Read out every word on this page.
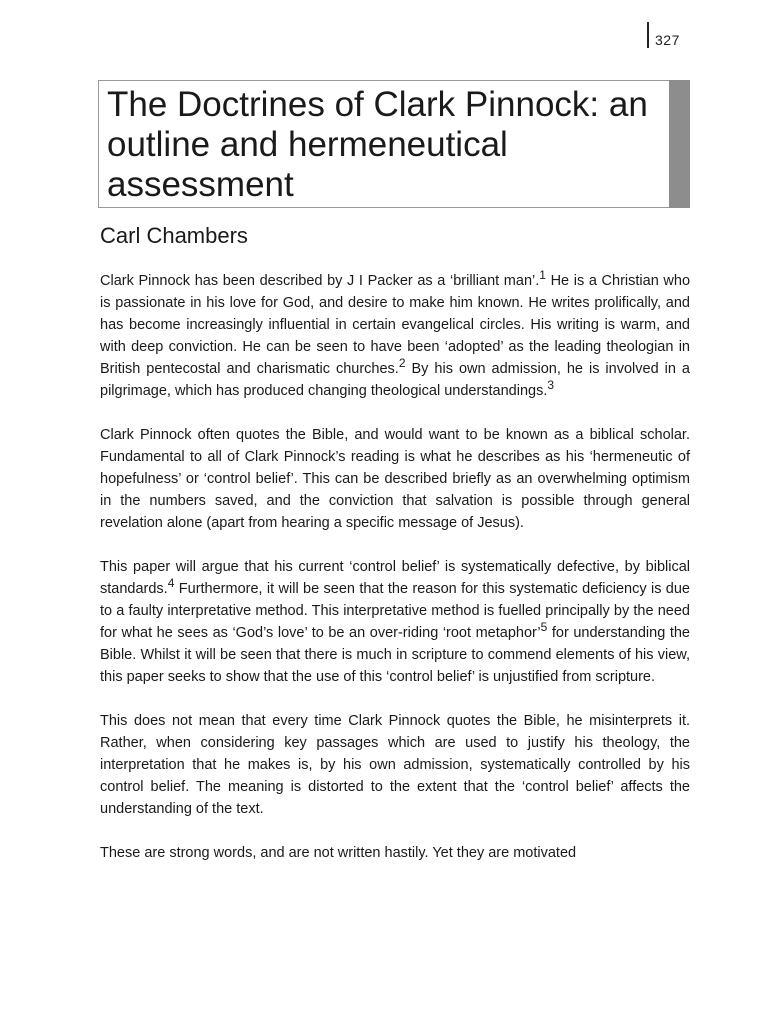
327
The Doctrines of Clark Pinnock: an outline and hermeneutical assessment
Carl Chambers

Clark Pinnock has been described by J I Packer as a ‘brilliant man’.$^1$ He is a Christian who is passionate in his love for God, and desire to make him known. He writes prolifically, and has become increasingly influential in certain evangelical circles. His writing is warm, and with deep conviction. He can be seen to have been ‘adopted’ as the leading theologian in British pentecostal and charismatic churches.$^2$ By his own admission, he is involved in a pilgrimage, which has produced changing theological understandings.$^3$

Clark Pinnock often quotes the Bible, and would want to be known as a biblical scholar. Fundamental to all of Clark Pinnock’s reading is what he describes as his ‘hermeneutic of hopefulness’ or ‘control belief’. This can be described briefly as an overwhelming optimism in the numbers saved, and the conviction that salvation is possible through general revelation alone (apart from hearing a specific message of Jesus).

This paper will argue that his current ‘control belief’ is systematically defective, by biblical standards.$^4$ Furthermore, it will be seen that the reason for this systematic deficiency is due to a faulty interpretative method. This interpretative method is fuelled principally by the need for what he sees as ‘God’s love’ to be an over-riding ‘root metaphor’$^5$ for understanding the Bible. Whilst it will be seen that there is much in scripture to commend elements of his view, this paper seeks to show that the use of this ‘control belief’ is unjustified from scripture.

This does not mean that every time Clark Pinnock quotes the Bible, he misinterprets it. Rather, when considering key passages which are used to justify his theology, the interpretation that he makes is, by his own admission, systematically controlled by his control belief. The meaning is distorted to the extent that the ‘control belief’ affects the understanding of the text.

These are strong words, and are not written hastily. Yet they are motivated
